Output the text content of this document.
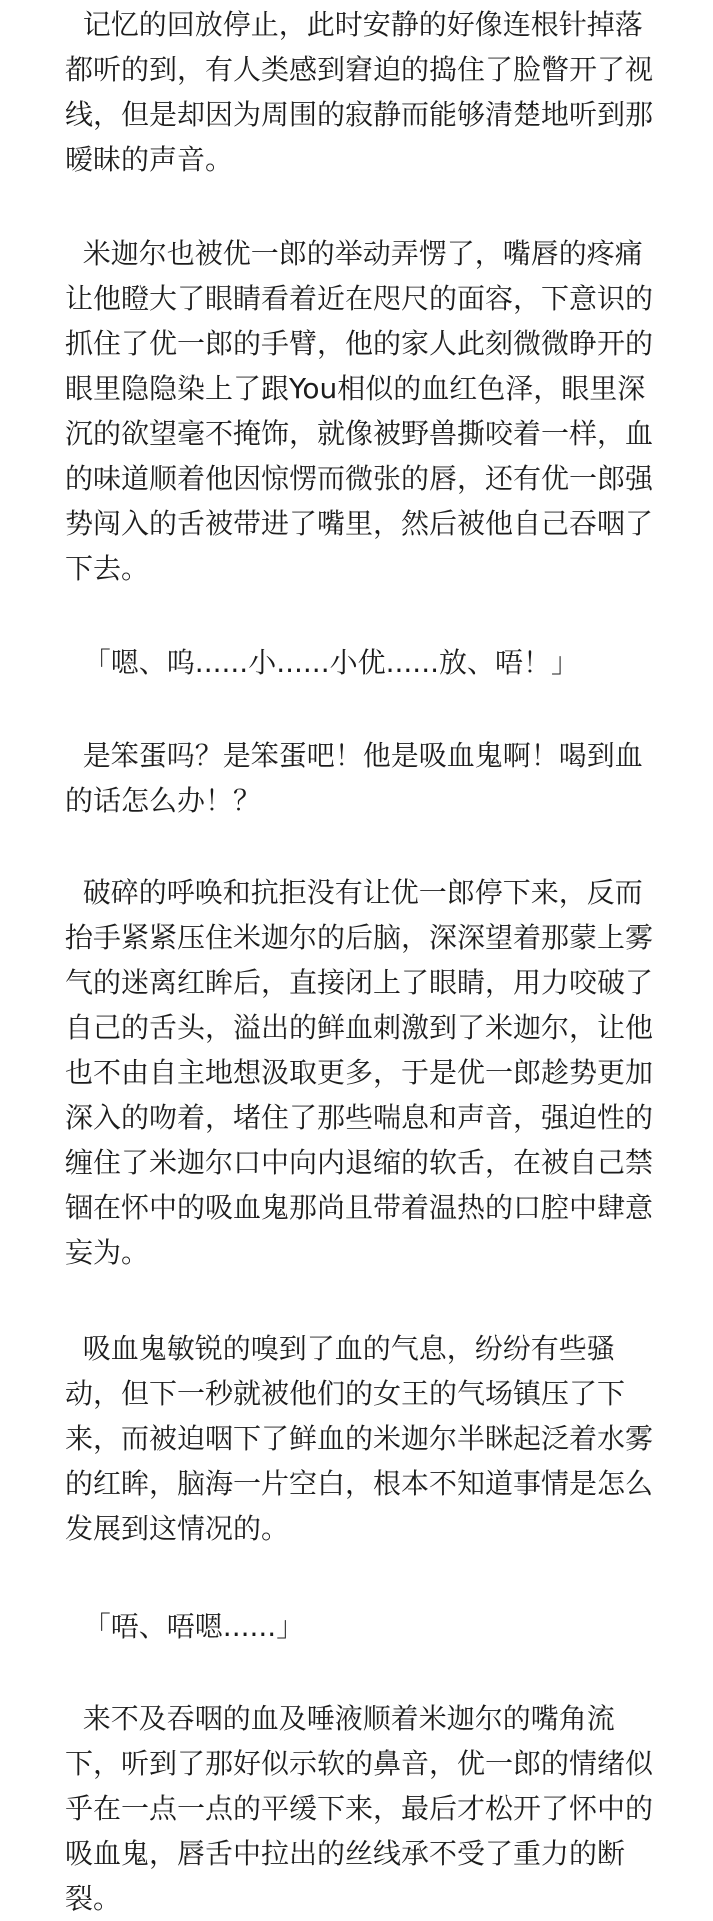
记忆的回放停止，此时安静的好像连根针掉落
都听的到，有人类感到窘迫的捣住了脸瞥开了视
线，但是却因为周围的寂静而能够清楚地听到那
暧昧的声音。

米迦尔也被优一郎的举动弄愣了，嘴唇的疼痛
让他瞪大了眼睛看着近在咫尺的面容，下意识的
抓住了优一郎的手臂，他的家人此刻微微睁开的
眼里隐隐染上了跟You相似的血红色泽，眼里深
沉的欲望毫不掩饰，就像被野兽撕咬着一样，血
的味道顺着他因惊愣而微张的唇，还有优一郎强
势闯入的舌被带进了嘴里，然后被他自己吞咽了
下去。

「嗯、呜......小......小优......放、唔！」

是笨蛋吗？是笨蛋吧！他是吸血鬼啊！喝到血
的话怎么办！？

破碎的呼唤和抗拒没有让优一郎停下来，反而
抬手紧紧压住米迦尔的后脑，深深望着那蒙上雾
气的迷离红眸后，直接闭上了眼睛，用力咬破了
自己的舌头，溢出的鲜血刺激到了米迦尔，让他
也不由自主地想汲取更多，于是优一郎趁势更加
深入的吻着，堵住了那些喘息和声音，强迫性的
缠住了米迦尔口中向内退缩的软舌，在被自己禁
锢在怀中的吸血鬼那尚且带着温热的口腔中肆意
妄为。

吸血鬼敏锐的嗅到了血的气息，纷纷有些骚
动，但下一秒就被他们的女王的气场镇压了下
来，而被迫咽下了鲜血的米迦尔半眯起泛着水雾
的红眸，脑海一片空白，根本不知道事情是怎么
发展到这情况的。

「唔、唔嗯......」

来不及吞咽的血及唾液顺着米迦尔的嘴角流
下，听到了那好似示软的鼻音，优一郎的情绪似
乎在一点一点的平缓下来，最后才松开了怀中的
吸血鬼，唇舌中拉出的丝线承不受了重力的断
裂。
